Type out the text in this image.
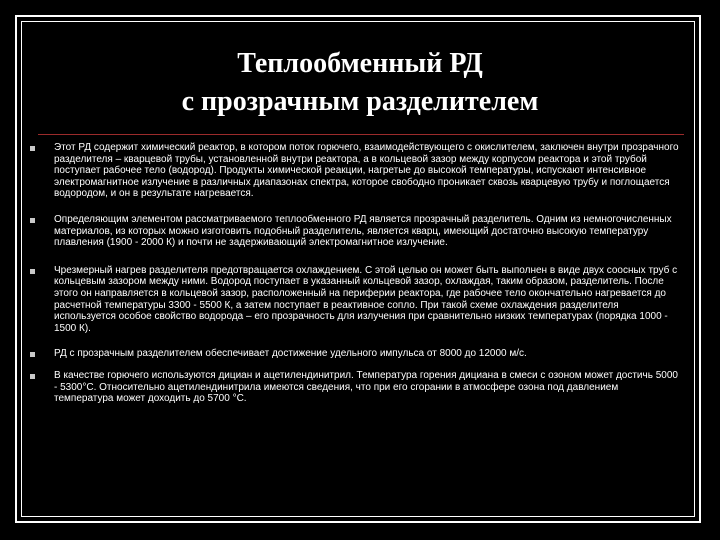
Теплообменный РД
с прозрачным разделителем
Этот РД содержит химический реактор, в котором поток горючего, взаимодействующего с окислителем, заключен внутри прозрачного разделителя – кварцевой трубы, установленной внутри реактора, а в кольцевой зазор между корпусом реактора и этой трубой поступает рабочее тело (водород). Продукты химической реакции, нагретые до высокой температуры, испускают интенсивное электромагнитное излучение в различных диапазонах спектра, которое свободно проникает сквозь кварцевую трубу и поглощается водородом, и он в результате нагревается.
Определяющим элементом рассматриваемого теплообменного РД является прозрачный разделитель. Одним из немногочисленных материалов, из которых можно изготовить подобный разделитель, является кварц, имеющий достаточно высокую температуру плавления (1900 - 2000 К) и почти не задерживающий электромагнитное излучение.
Чрезмерный нагрев разделителя предотвращается охлаждением. С этой целью он может быть выполнен в виде двух соосных труб с кольцевым зазором между ними. Водород поступает в указанный кольцевой зазор, охлаждая, таким образом, разделитель. После этого он направляется в кольцевой зазор, расположенный на периферии реактора, где рабочее тело окончательно нагревается до расчетной температуры 3300 - 5500 К, а затем поступает в реактивное сопло. При такой схеме охлаждения разделителя используется особое свойство водорода – его прозрачность для излучения при сравнительно низких температурах (порядка 1000 - 1500 К).
РД с прозрачным разделителем обеспечивает достижение удельного импульса от 8000 до 12000 м/с.
В качестве горючего используются дициан и ацетилендинитрил. Температура горения дициана в смеси с озоном может достичь 5000 - 5300°С. Относительно ацетилендинитрила имеются сведения, что при его сгорании в атмосфере озона под давлением температура может доходить до 5700 °С.
